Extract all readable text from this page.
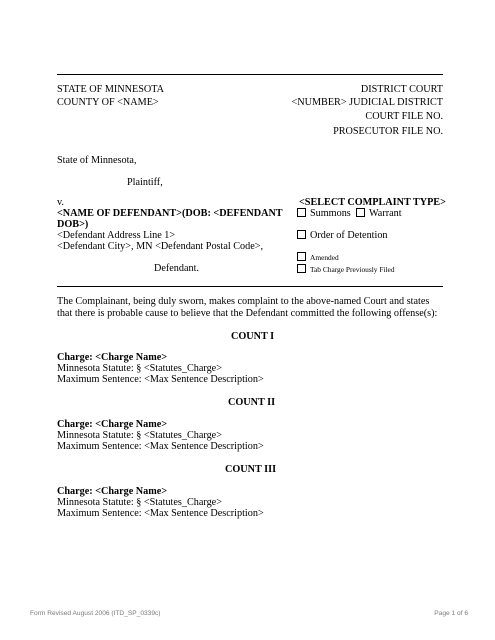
STATE OF MINNESOTA
COUNTY OF <NAME>
DISTRICT COURT
<NUMBER> JUDICIAL DISTRICT
COURT FILE NO.
PROSECUTOR FILE NO.
State of Minnesota,
Plaintiff,
v.
<NAME OF DEFENDANT>(DOB: <DEFENDANT
DOB>)
<Defendant Address Line 1>
<Defendant City>, MN <Defendant Postal Code>,
Defendant.
<SELECT COMPLAINT TYPE>
Summons	Warrant
Order of Detention
Amended
Tab Charge Previously Filed
The Complainant, being duly sworn, makes complaint to the above-named Court and states that there is probable cause to believe that the Defendant committed the following offense(s):
COUNT I
Charge: <Charge Name>
Minnesota Statute: § <Statutes_Charge>
Maximum Sentence: <Max Sentence Description>
COUNT II
Charge: <Charge Name>
Minnesota Statute: § <Statutes_Charge>
Maximum Sentence: <Max Sentence Description>
COUNT III
Charge: <Charge Name>
Minnesota Statute: § <Statutes_Charge>
Maximum Sentence: <Max Sentence Description>
Form Revised August 2006 (ITD_SP_0339c)	Page 1 of 6
